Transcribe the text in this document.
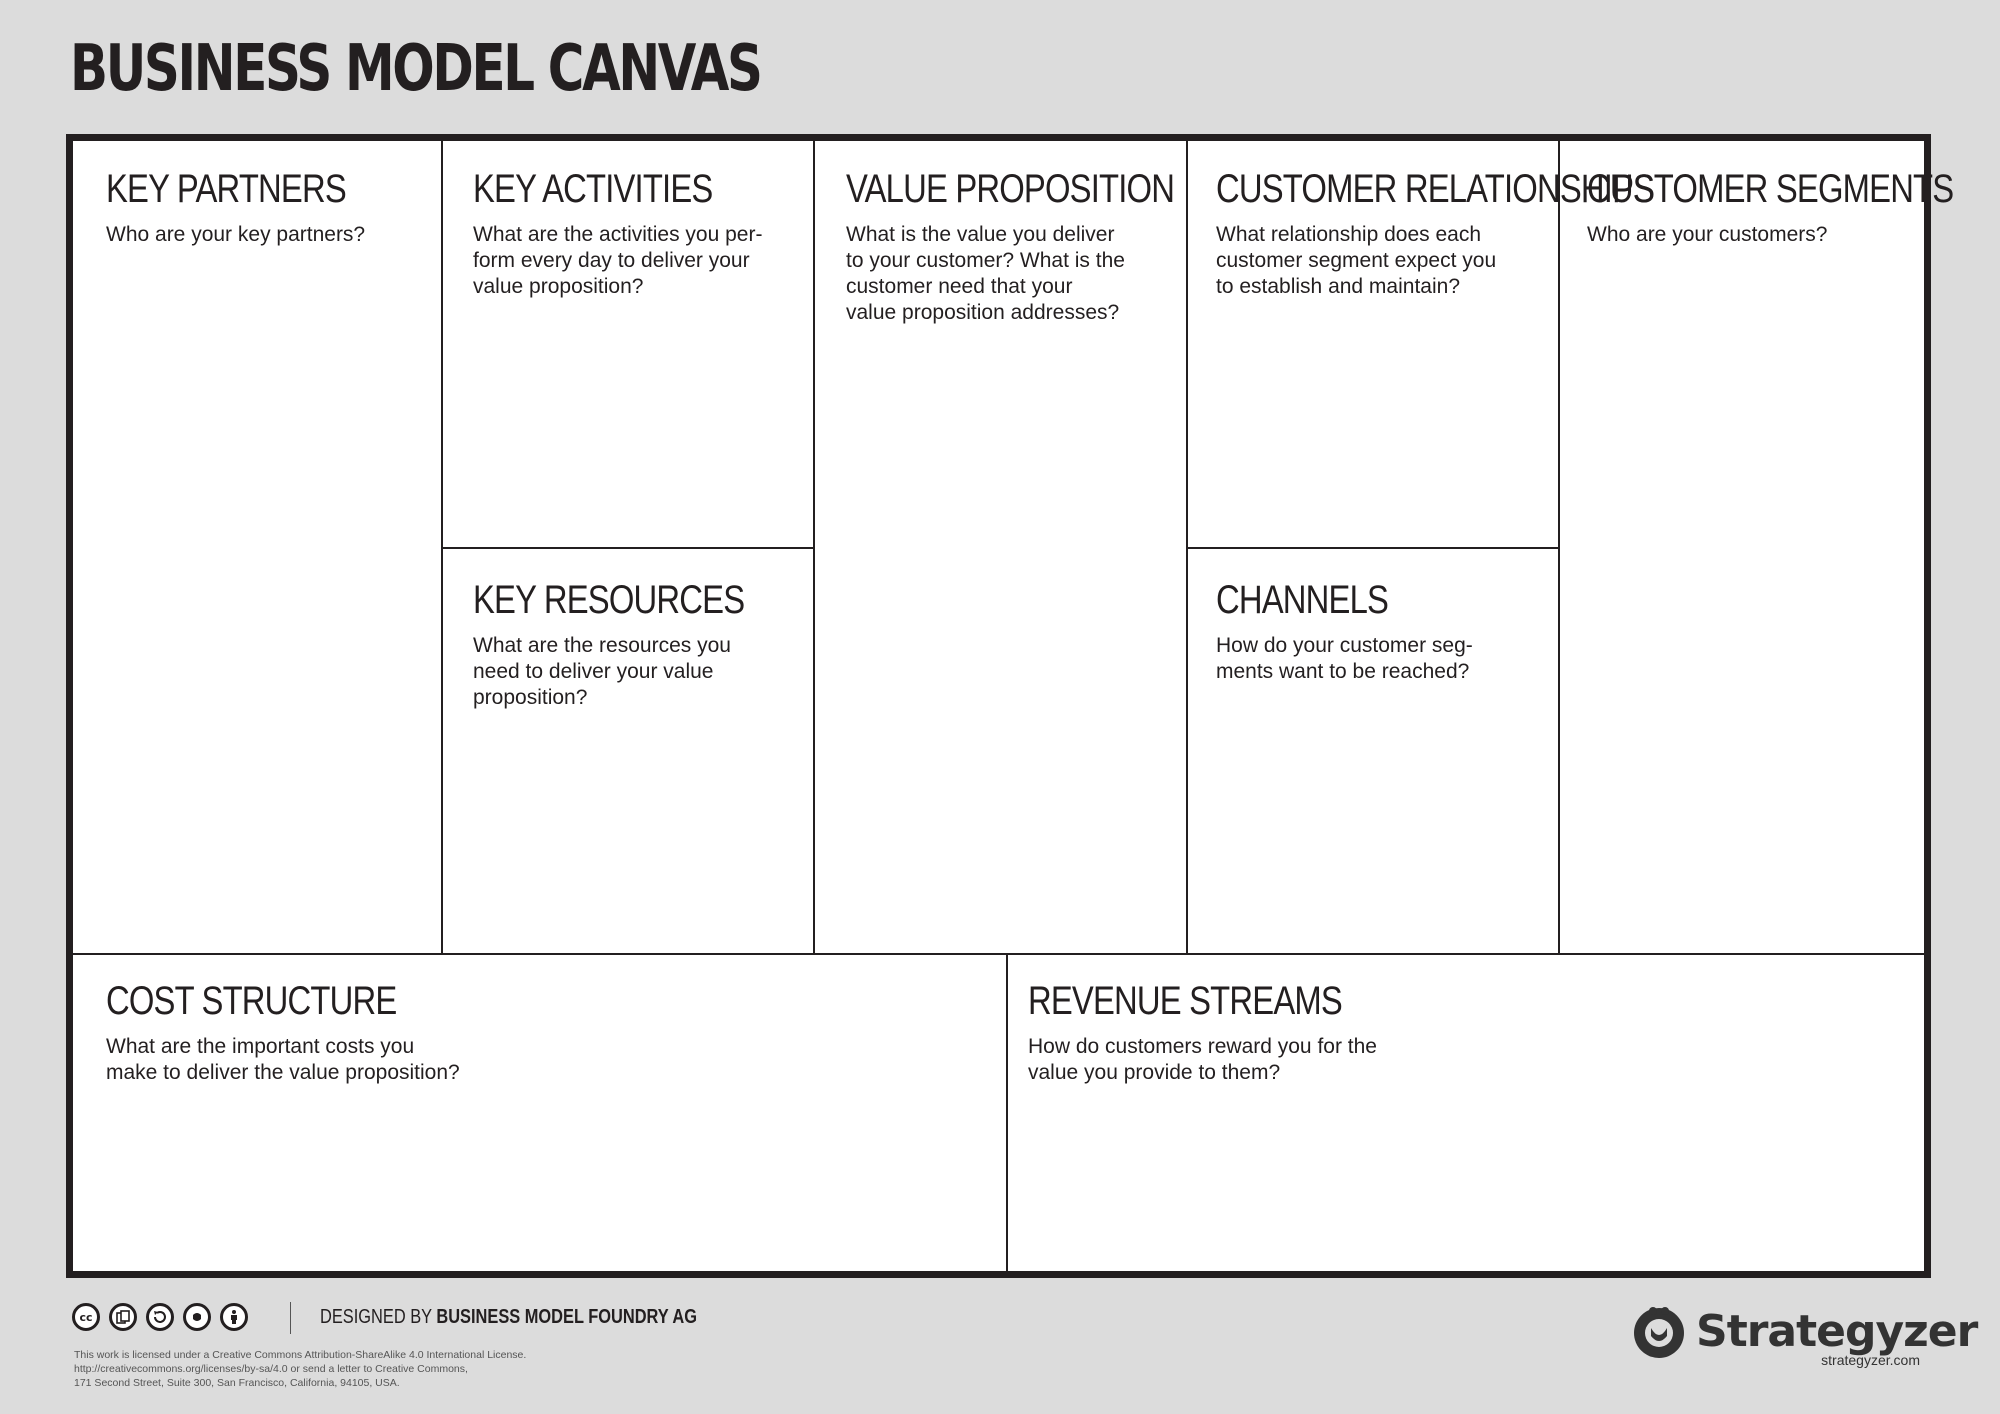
BUSINESS MODEL CANVAS
KEY PARTNERS

Who are your key partners?

KEY ACTIVITIES

What are the activities you per-
form every day to deliver your
value proposition?

KEY RESOURCES

What are the resources you
need to deliver your value
proposition?

VALUE PROPOSITION

What is the value you deliver
to your customer? What is the
customer need that your
value proposition addresses?

CUSTOMER RELATIONSHIPS

What relationship does each
customer segment expect you
to establish and maintain?

CHANNELS

How do your customer seg-
ments want to be reached?

CUSTOMER SEGMENTS

Who are your customers?

COST STRUCTURE

What are the important costs you
make to deliver the value proposition?

REVENUE STREAMS

How do customers reward you for the
value you provide to them?

cc	DESIGNED BY BUSINESS MODEL FOUNDRY AG
This work is licensed under a Creative Commons Attribution-ShareAlike 4.0 International License.
http://creativecommons.org/licenses/by-sa/4.0 or send a letter to Creative Commons,
171 Second Street, Suite 300, San Francisco, California, 94105, USA.
Strategyzer
strategyzer.com
